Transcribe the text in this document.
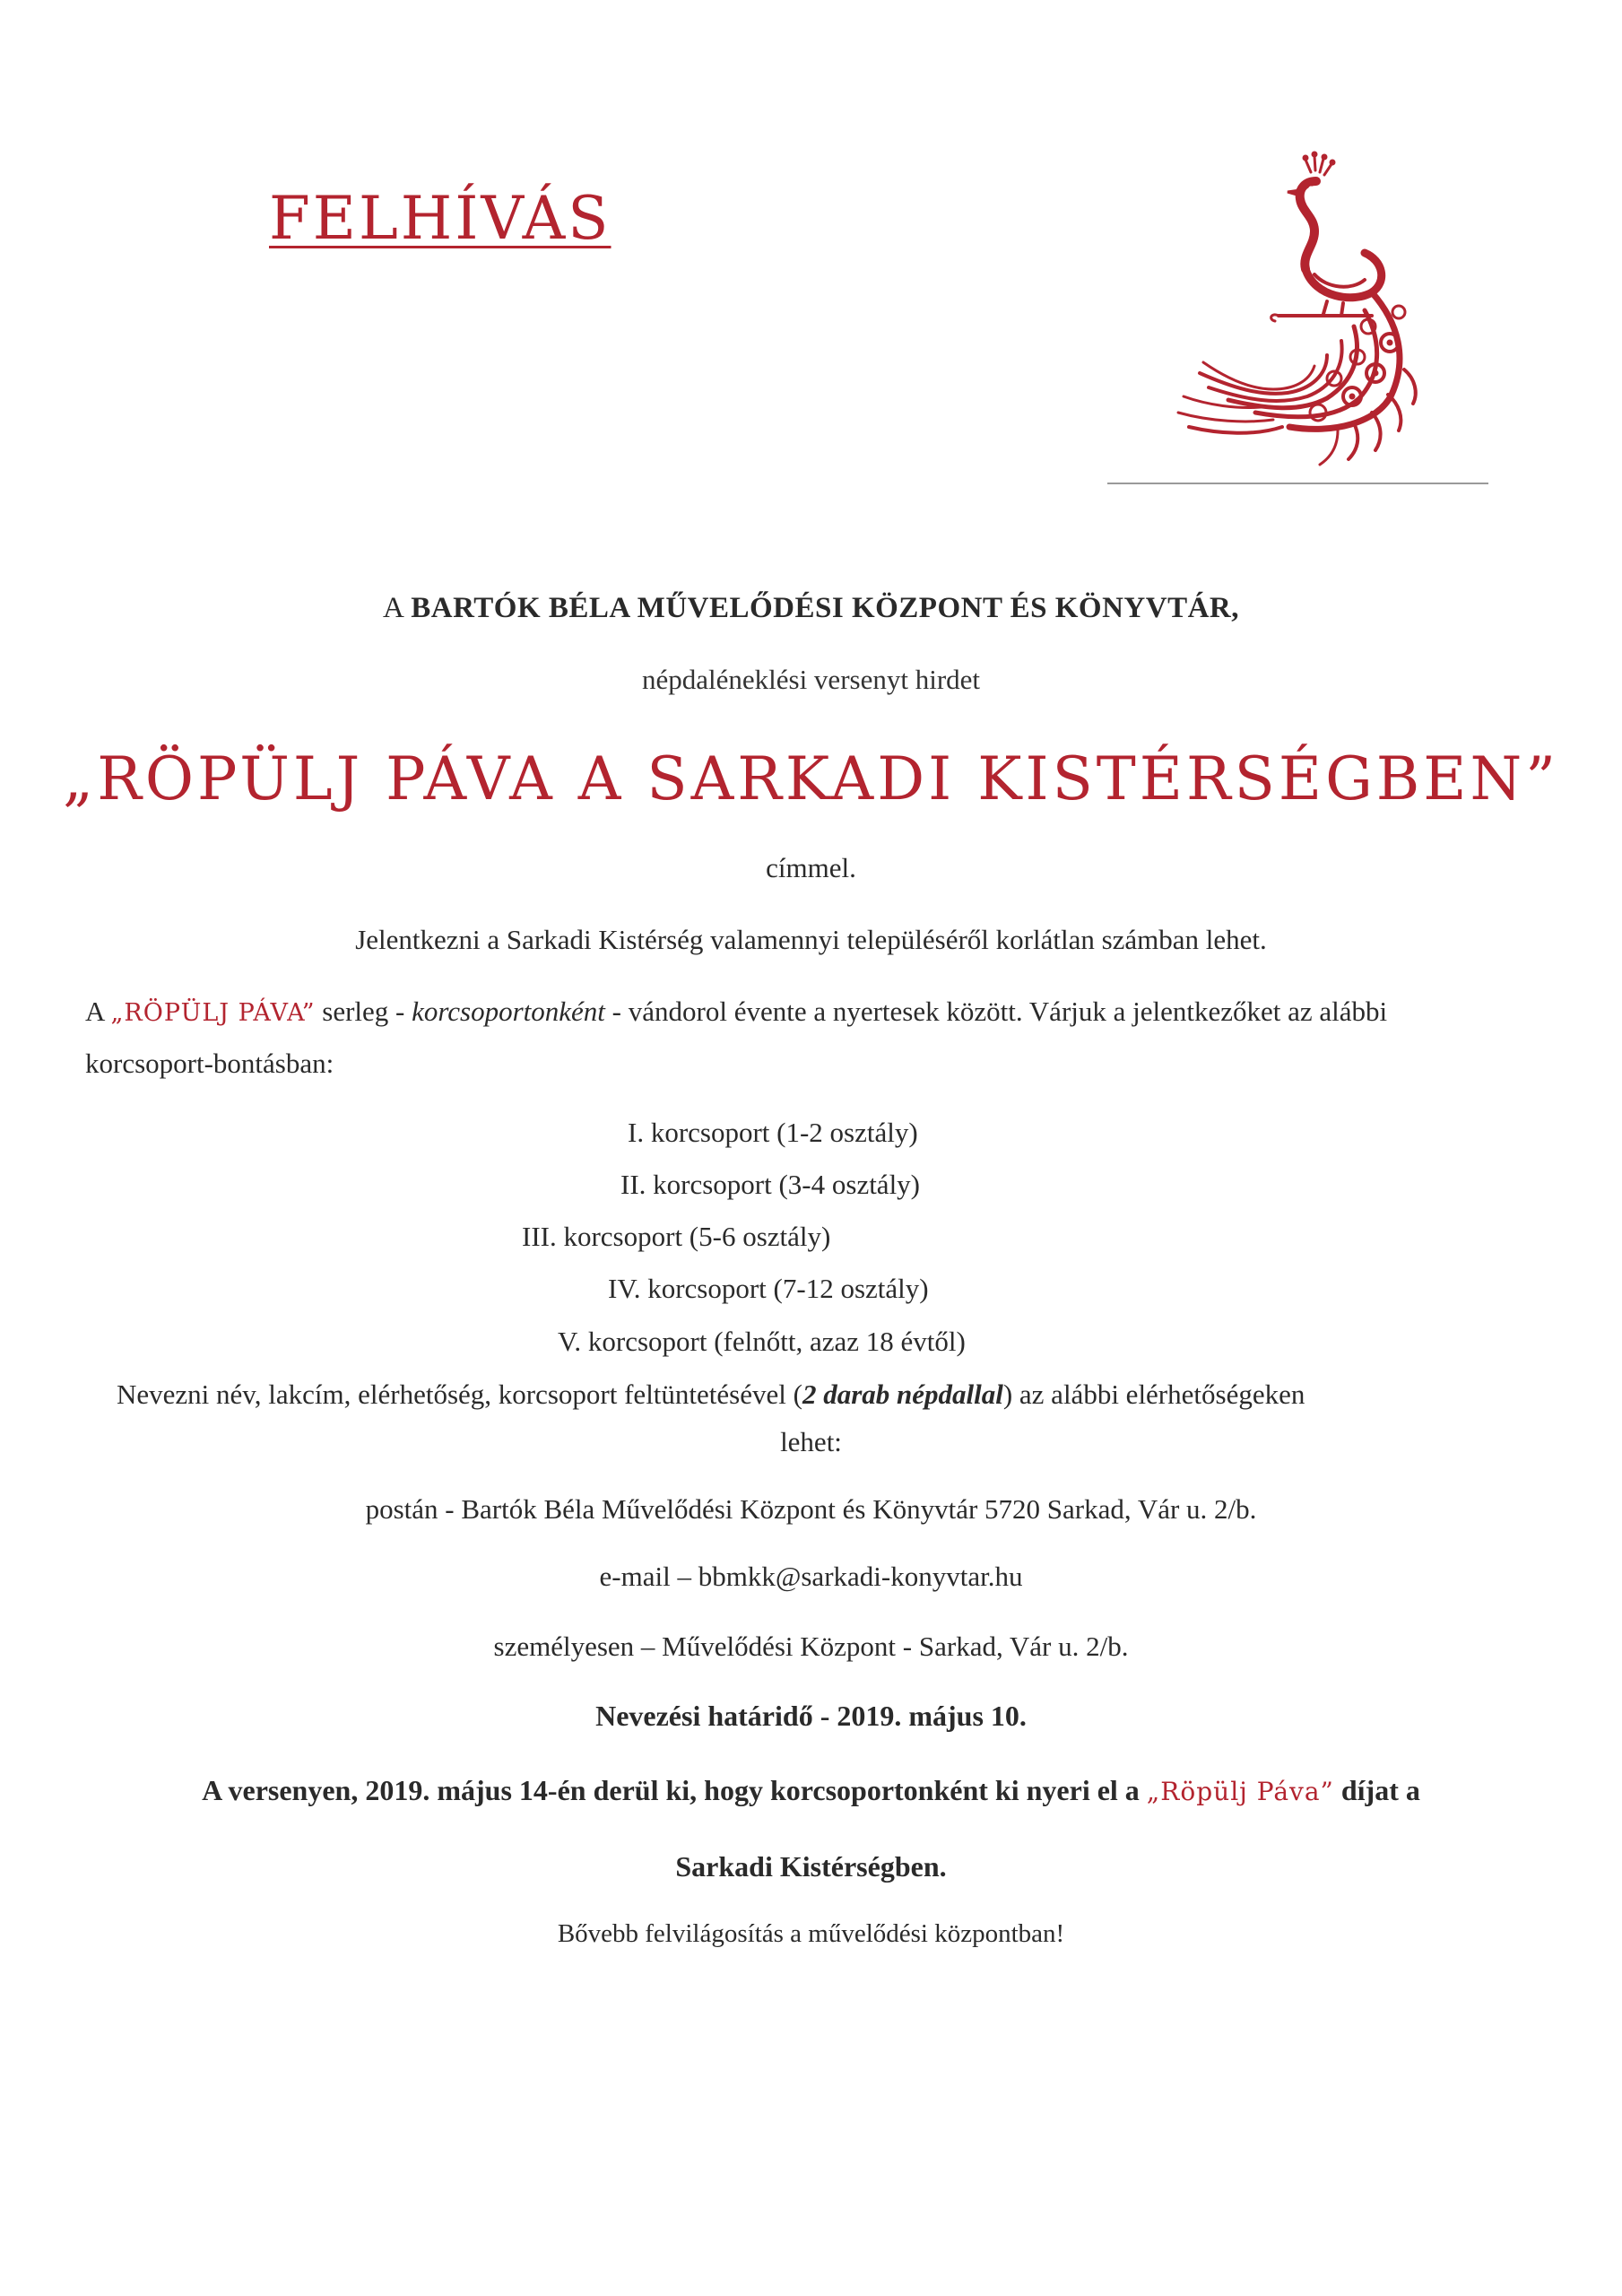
FELHÍVÁS
A BARTÓK BÉLA MŰVELŐDÉSI KÖZPONT ÉS KÖNYVTÁR,
népdaléneklési versenyt hirdet
„RÖPÜLJ PÁVA A SARKADI KISTÉRSÉGBEN”
címmel.
Jelentkezni a Sarkadi Kistérség valamennyi településéről korlátlan számban lehet.
A „RÖPÜLJ PÁVA” serleg - korcsoportonként - vándorol évente a nyertesek között. Várjuk a jelentkezőket az alábbi
korcsoport-bontásban:
I. korcsoport (1-2 osztály)
II. korcsoport (3-4 osztály)
III. korcsoport (5-6 osztály)
IV. korcsoport (7-12 osztály)
V. korcsoport (felnőtt, azaz 18 évtől)
Nevezni név, lakcím, elérhetőség, korcsoport feltüntetésével (2 darab népdallal) az alábbi elérhetőségeken
lehet:
postán - Bartók Béla Művelődési Központ és Könyvtár 5720 Sarkad, Vár u. 2/b.
e-mail – bbmkk@sarkadi-konyvtar.hu
személyesen – Művelődési Központ - Sarkad, Vár u. 2/b.
Nevezési határidő - 2019. május 10.
A versenyen, 2019. május 14-én derül ki, hogy korcsoportonként ki nyeri el a „Röpülj Páva” díjat a
Sarkadi Kistérségben.
Bővebb felvilágosítás a művelődési központban!
